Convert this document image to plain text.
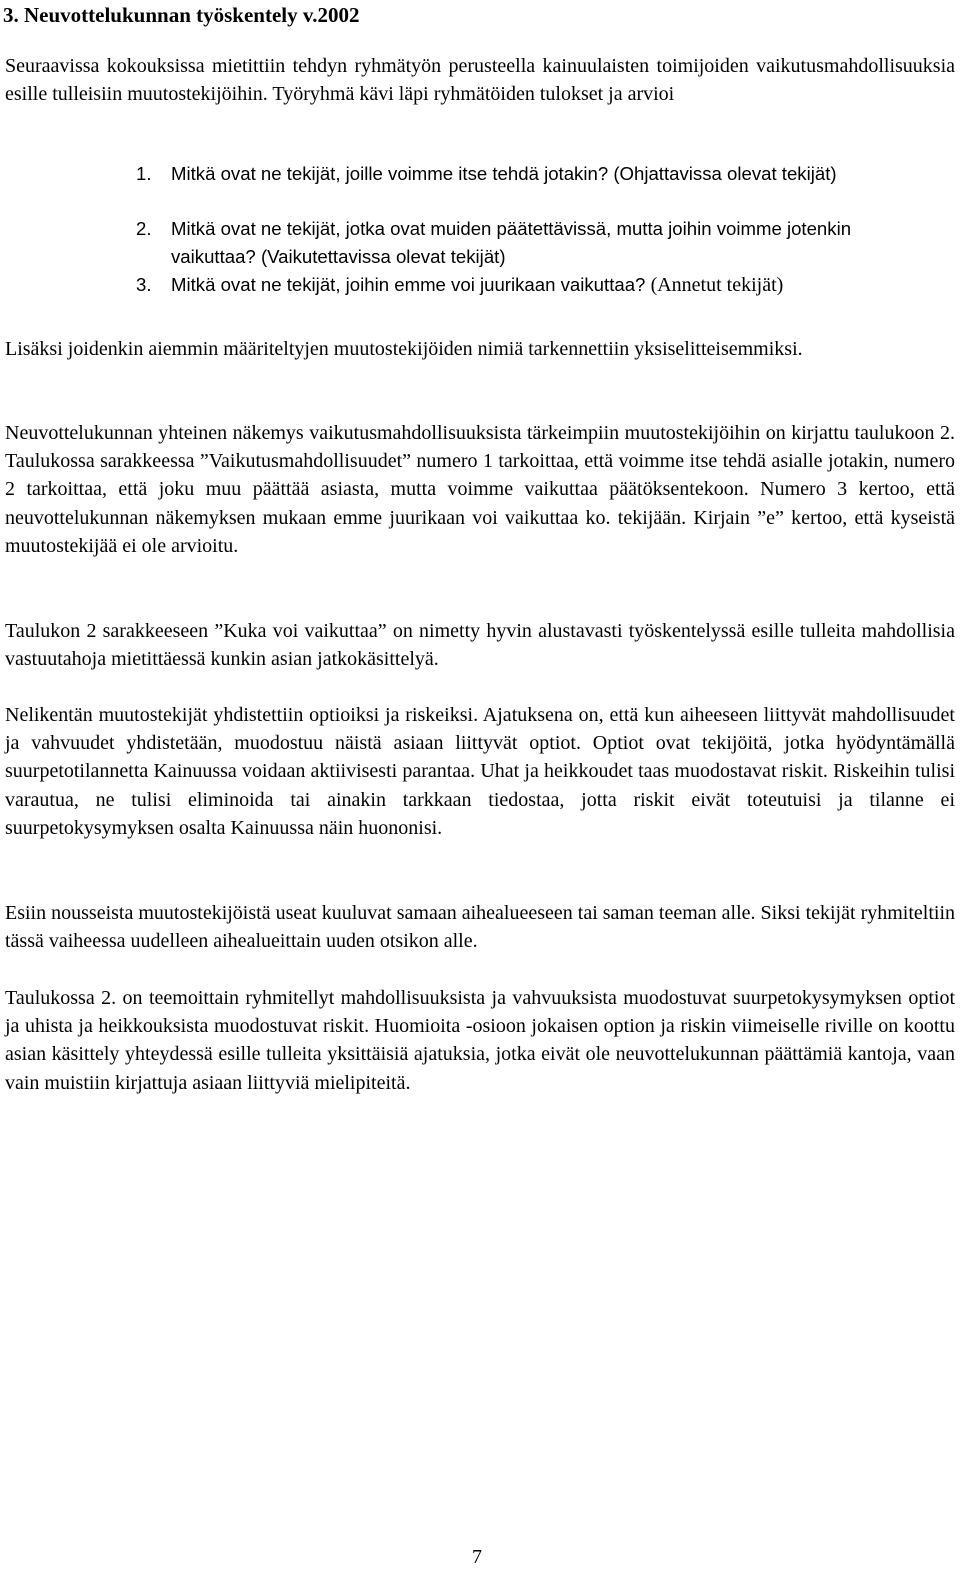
3. Neuvottelukunnan työskentely v.2002

Seuraavissa kokouksissa mietittiin tehdyn ryhmätyön perusteella kainuulaisten toimijoiden vaikutusmahdollisuuksia esille tulleisiin muutostekijöihin. Työryhmä kävi läpi ryhmätöiden tulokset ja arvioi

1. Mitkä ovat ne tekijät, joille voimme itse tehdä jotakin? (Ohjattavissa olevat tekijät)
2. Mitkä ovat ne tekijät, jotka ovat muiden päätettävissä, mutta joihin voimme jotenkin vaikuttaa? (Vaikutettavissa olevat tekijät)
3. Mitkä ovat ne tekijät, joihin emme voi juurikaan vaikuttaa? (Annetut tekijät)

Lisäksi joidenkin aiemmin määriteltyjen muutostekijöiden nimiä tarkennettiin yksiselitteisemmiksi.

Neuvottelukunnan yhteinen näkemys vaikutusmahdollisuuksista tärkeimpiin muutostekijöihin on kirjattu taulukoon 2. Taulukossa sarakkeessa ”Vaikutusmahdollisuudet” numero 1 tarkoittaa, että voimme itse tehdä asialle jotakin, numero 2 tarkoittaa, että joku muu päättää asiasta, mutta voimme vaikuttaa päätöksentekoon. Numero 3 kertoo, että neuvottelukunnan näkemyksen mukaan emme juurikaan voi vaikuttaa ko. tekijään. Kirjain ”e” kertoo, että kyseistä muutostekijää ei ole arvioitu.

Taulukon 2 sarakkeeseen ”Kuka voi vaikuttaa” on nimetty hyvin alustavasti työskentelyssä esille tulleita mahdollisia vastuutahoja mietittäessä kunkin asian jatkokäsittelyä.

Nelikentän muutostekijät yhdistettiin optioiksi ja riskeiksi. Ajatuksena on, että kun aiheeseen liittyvät mahdollisuudet ja vahvuudet yhdistetään, muodostuu näistä asiaan liittyvät optiot. Optiot ovat tekijöitä, jotka hyödyntämällä suurpetotilannetta Kainuussa voidaan aktiivisesti parantaa. Uhat ja heikkoudet taas muodostavat riskit. Riskeihin tulisi varautua, ne tulisi eliminoida tai ainakin tarkkaan tiedostaa, jotta riskit eivät toteutuisi ja tilanne ei suurpetokysymyksen osalta Kainuussa näin huononisi.

Esiin nousseista muutostekijöistä useat kuuluvat samaan aihealueeseen tai saman teeman alle. Siksi tekijät ryhmiteltiin tässä vaiheessa uudelleen aihealueittain uuden otsikon alle.

Taulukossa 2. on teemoittain ryhmitellyt mahdollisuuksista ja vahvuuksista muodostuvat suurpetokysymyksen optiot ja uhista ja heikkouksista muodostuvat riskit. Huomioita -osioon jokaisen option ja riskin viimeiselle riville on koottu asian käsittely yhteydessä esille tulleita yksittäisiä ajatuksia, jotka eivät ole neuvottelukunnan päättämiä kantoja, vaan vain muistiin kirjattuja asiaan liittyviä mielipiteitä.

7
